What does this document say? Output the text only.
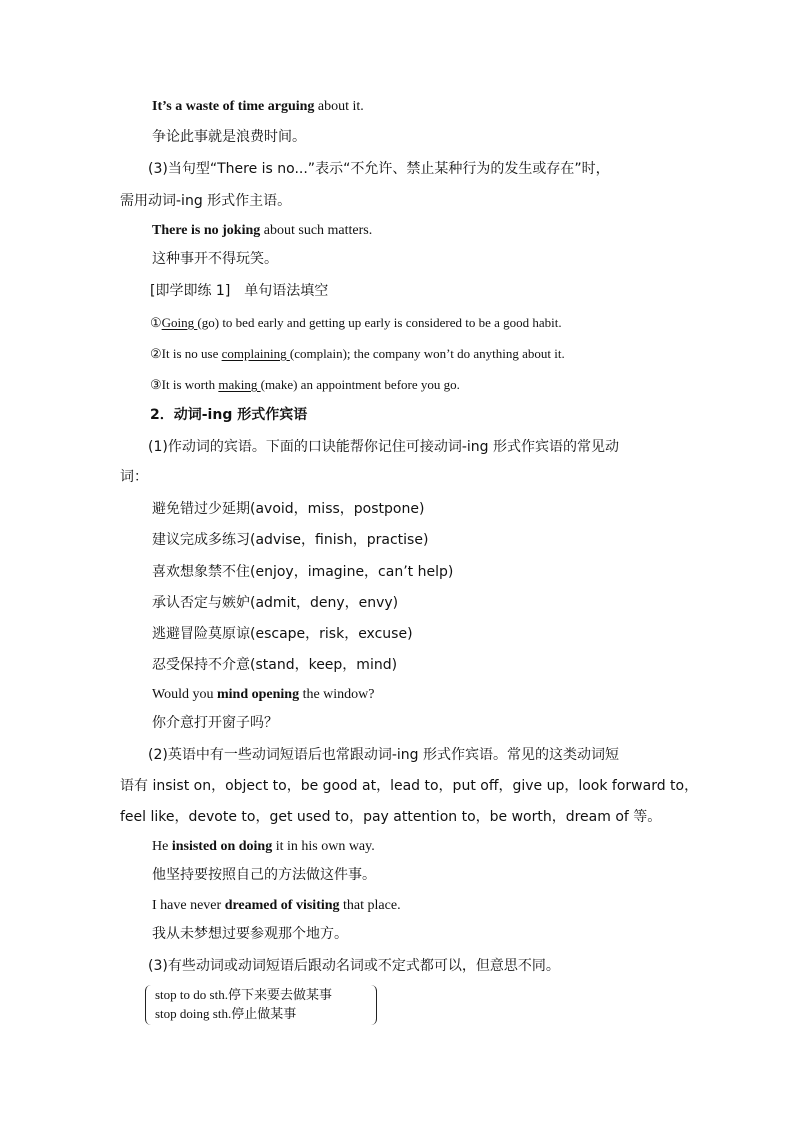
It’s a waste of time arguing about it.
争论此事就是浪费时间。
(3)当句型“There is no...”表示“不允许、禁止某种行为的发生或存在”时，
需用动词-ing 形式作主语。
There is no joking about such matters.
这种事开不得玩笑。
[即学即练 1]　单句语法填空
①Going (go) to bed early and getting up early is considered to be a good habit.
②It is no use complaining (complain); the company won’t do anything about it.
③It is worth making (make) an appointment before you go.
2．动词-ing 形式作宾语
(1)作动词的宾语。下面的口诀能帮你记住可接动词-ing 形式作宾语的常见动
词：
避免错过少延期(avoid，miss，postpone)
建议完成多练习(advise，finish，practise)
喜欢想象禁不住(enjoy，imagine，can’t help)
承认否定与嫉妒(admit，deny，envy)
逃避冒险莫原谅(escape，risk，excuse)
忍受保持不介意(stand，keep，mind)
Would you mind opening the window?
你介意打开窗子吗？
(2)英语中有一些动词短语后也常跟动词-ing 形式作宾语。常见的这类动词短
语有 insist on，object to，be good at，lead to，put off，give up，look forward to，
feel like，devote to，get used to，pay attention to，be worth，dream of 等。
He insisted on doing it in his own way.
他坚持要按照自己的方法做这件事。
I have never dreamed of visiting that place.
我从未梦想过要参观那个地方。
(3)有些动词或动词短语后跟动名词或不定式都可以，但意思不同。
stop to do sth.停下来要去做某事
stop doing sth.停止做某事
